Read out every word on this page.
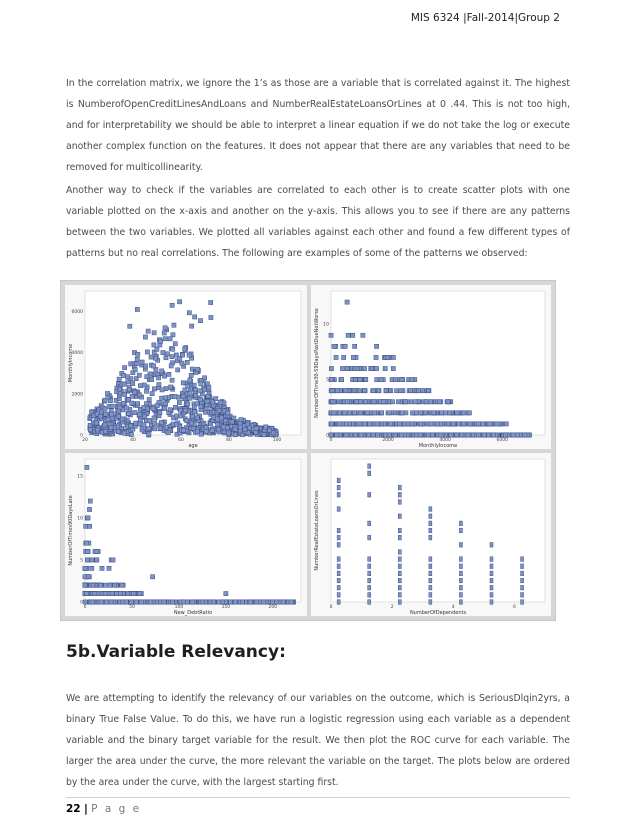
MIS 6324 |Fall-2014|Group 2
In the correlation matrix, we ignore the 1’s as those are a variable that is correlated against it. The highest is NumberofOpenCreditLinesAndLoans and NumberRealEstateLoansOrLines at 0 .44. This is not too high, and for interpretability we should be able to interpret a linear equation if we do not take the log or execute another complex function on the features. It does not appear that there are any variables that need to be removed for multicollinearity.
Another way to check if the variables are correlated to each other is to create scatter plots with one variable plotted on the x-axis and another on the y-axis. This allows you to see if there are any patterns between the two variables. We plotted all variables against each other and found a few different types of patterns but no real correlations. The following are examples of some of the patterns we observed:
20	40	60	80	100
0
2000
4000
6000
age
MonthlyIncome
0	2000	4000	6000
0
5
10
MonthlyIncome
NumberOfTime30-59DaysPastDueNotWorse
0	50	100	150	200
0
5
10
15
New_DebtRatio
NumberOfTimes90DaysLate
0	2	4	6
NumberOfDependents
NumberRealEstateLoansOrLines
5b.Variable Relevancy:
We are attempting to identify the relevancy of our variables on the outcome, which is SeriousDlqin2yrs, a binary True False Value. To do this, we have run a logistic regression using each variable as a dependent variable and the binary target variable for the result. We then plot the ROC curve for each variable. The larger the area under the curve, the more relevant the variable on the target. The plots below are ordered by the area under the curve, with the largest starting first.
22 | P a g e
